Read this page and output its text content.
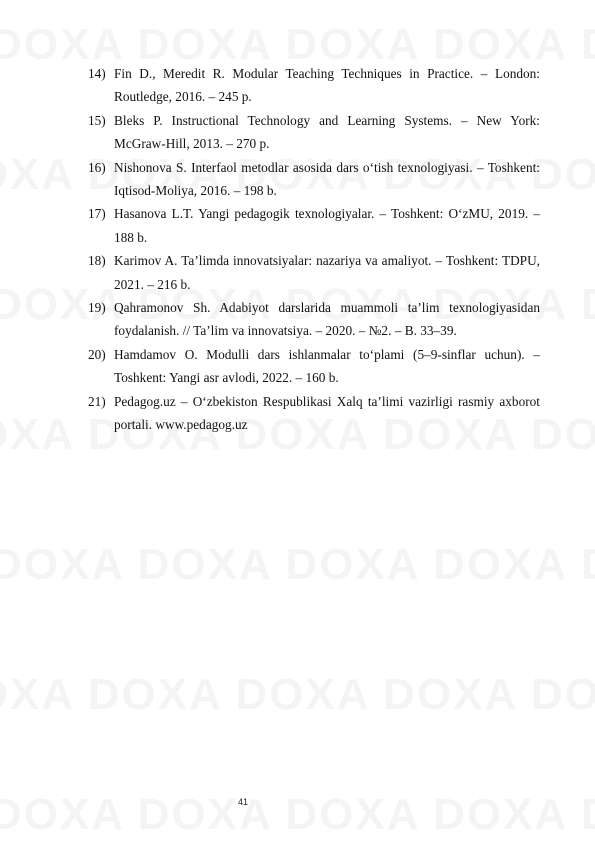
14) Fin D., Meredit R. Modular Teaching Techniques in Practice. – London: Routledge, 2016. – 245 p.
15) Bleks P. Instructional Technology and Learning Systems. – New York: McGraw-Hill, 2013. – 270 p.
16) Nishonova S. Interfaol metodlar asosida dars o‘tish texnologiyasi. – Toshkent: Iqtisod-Moliya, 2016. – 198 b.
17) Hasanova L.T. Yangi pedagogik texnologiyalar. – Toshkent: O‘zMU, 2019. – 188 b.
18) Karimov A. Ta’limda innovatsiyalar: nazariya va amaliyot. – Toshkent: TDPU, 2021. – 216 b.
19) Qahramonov Sh. Adabiyot darslarida muammoli ta’lim texnologiyasidan foydalanish. // Ta’lim va innovatsiya. – 2020. – №2. – B. 33–39.
20) Hamdamov O. Modulli dars ishlanmalar to‘plami (5–9-sinflar uchun). – Toshkent: Yangi asr avlodi, 2022. – 160 b.
21) Pedagog.uz – O‘zbekiston Respublikasi Xalq ta’limi vazirligi rasmiy axborot portali. www.pedagog.uz
41
